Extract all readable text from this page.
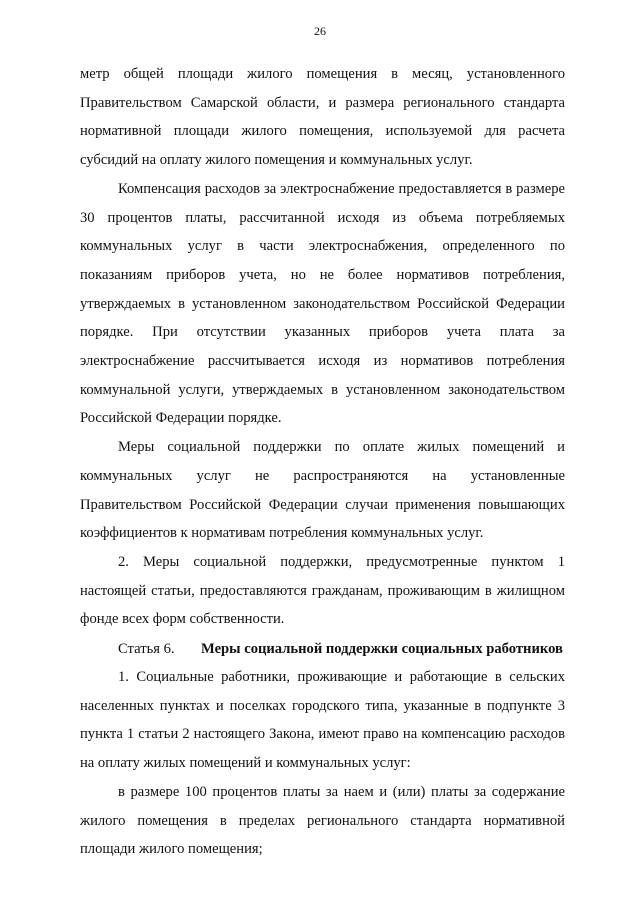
26

метр общей площади жилого помещения в месяц, установленного Правительством Самарской области, и размера регионального стандарта нормативной площади жилого помещения, используемой для расчета субсидий на оплату жилого помещения и коммунальных услуг.

Компенсация расходов за электроснабжение предоставляется в размере 30 процентов платы, рассчитанной исходя из объема потребляемых коммунальных услуг в части электроснабжения, определенного по показаниям приборов учета, но не более нормативов потребления, утверждаемых в установленном законодательством Российской Федерации порядке. При отсутствии указанных приборов учета плата за электроснабжение рассчитывается исходя из нормативов потребления коммунальной услуги, утверждаемых в установленном законодательством Российской Федерации порядке.

Меры социальной поддержки по оплате жилых помещений и коммунальных услуг не распространяются на установленные Правительством Российской Федерации случаи применения повышающих коэффициентов к нормативам потребления коммунальных услуг.

2. Меры социальной поддержки, предусмотренные пунктом 1 настоящей статьи, предоставляются гражданам, проживающим в жилищном фонде всех форм собственности.

Статья 6.	Меры социальной поддержки социальных работников

1. Социальные работники, проживающие и работающие в сельских населенных пунктах и поселках городского типа, указанные в подпункте 3 пункта 1 статьи 2 настоящего Закона, имеют право на компенсацию расходов на оплату жилых помещений и коммунальных услуг:

в размере 100 процентов платы за наем и (или) платы за содержание жилого помещения в пределах регионального стандарта нормативной площади жилого помещения;
